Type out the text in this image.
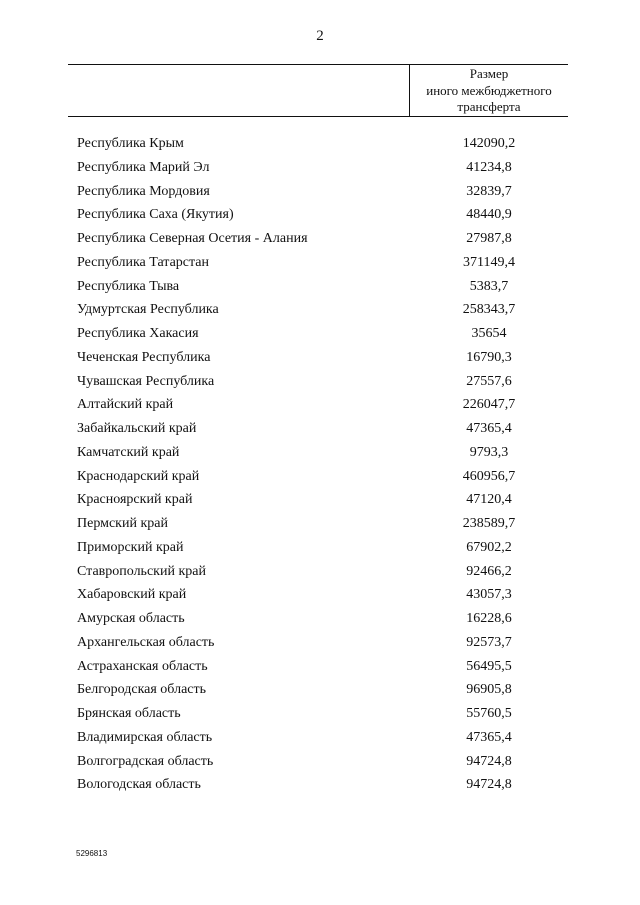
2
Размер
иного межбюджетного
трансферта
Республика Крым	142090,2
Республика Марий Эл	41234,8
Республика Мордовия	32839,7
Республика Саха (Якутия)	48440,9
Республика Северная Осетия - Алания	27987,8
Республика Татарстан	371149,4
Республика Тыва	5383,7
Удмуртская Республика	258343,7
Республика Хакасия	35654
Чеченская Республика	16790,3
Чувашская Республика	27557,6
Алтайский край	226047,7
Забайкальский край	47365,4
Камчатский край	9793,3
Краснодарский край	460956,7
Красноярский край	47120,4
Пермский край	238589,7
Приморский край	67902,2
Ставропольский край	92466,2
Хабаровский край	43057,3
Амурская область	16228,6
Архангельская область	92573,7
Астраханская область	56495,5
Белгородская область	96905,8
Брянская область	55760,5
Владимирская область	47365,4
Волгоградская область	94724,8
Вологодская область	94724,8
5296813
